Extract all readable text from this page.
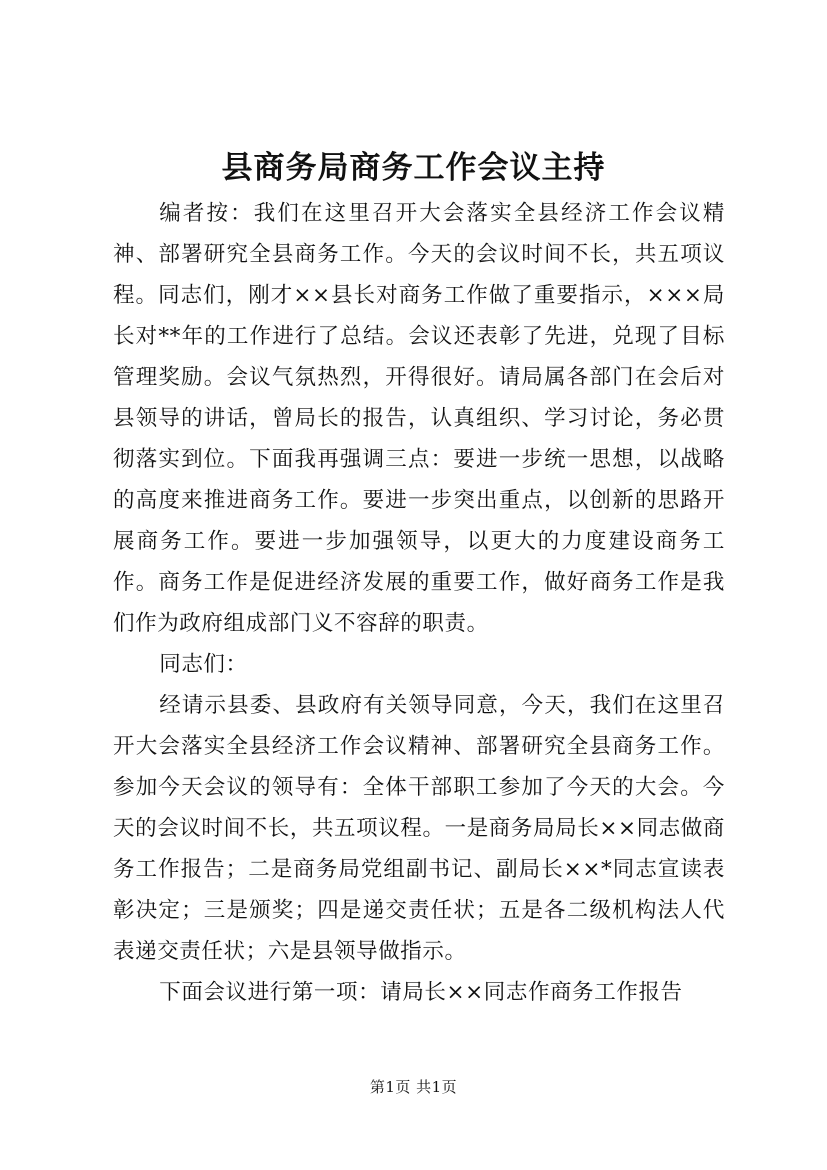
县商务局商务工作会议主持

编者按：我们在这里召开大会落实全县经济工作会议精神、部署研究全县商务工作。今天的会议时间不长，共五项议程。同志们，刚才××县长对商务工作做了重要指示，×××局长对**年的工作进行了总结。会议还表彰了先进，兑现了目标管理奖励。会议气氛热烈，开得很好。请局属各部门在会后对县领导的讲话，曾局长的报告，认真组织、学习讨论，务必贯彻落实到位。下面我再强调三点：要进一步统一思想，以战略的高度来推进商务工作。要进一步突出重点，以创新的思路开展商务工作。要进一步加强领导，以更大的力度建设商务工作。商务工作是促进经济发展的重要工作，做好商务工作是我们作为政府组成部门义不容辞的职责。

同志们：

经请示县委、县政府有关领导同意，今天，我们在这里召开大会落实全县经济工作会议精神、部署研究全县商务工作。参加今天会议的领导有：全体干部职工参加了今天的大会。今天的会议时间不长，共五项议程。一是商务局局长××同志做商务工作报告；二是商务局党组副书记、副局长××*同志宣读表彰决定；三是颁奖；四是递交责任状；五是各二级机构法人代表递交责任状；六是县领导做指示。

下面会议进行第一项：请局长××同志作商务工作报告

第1页 共1页
